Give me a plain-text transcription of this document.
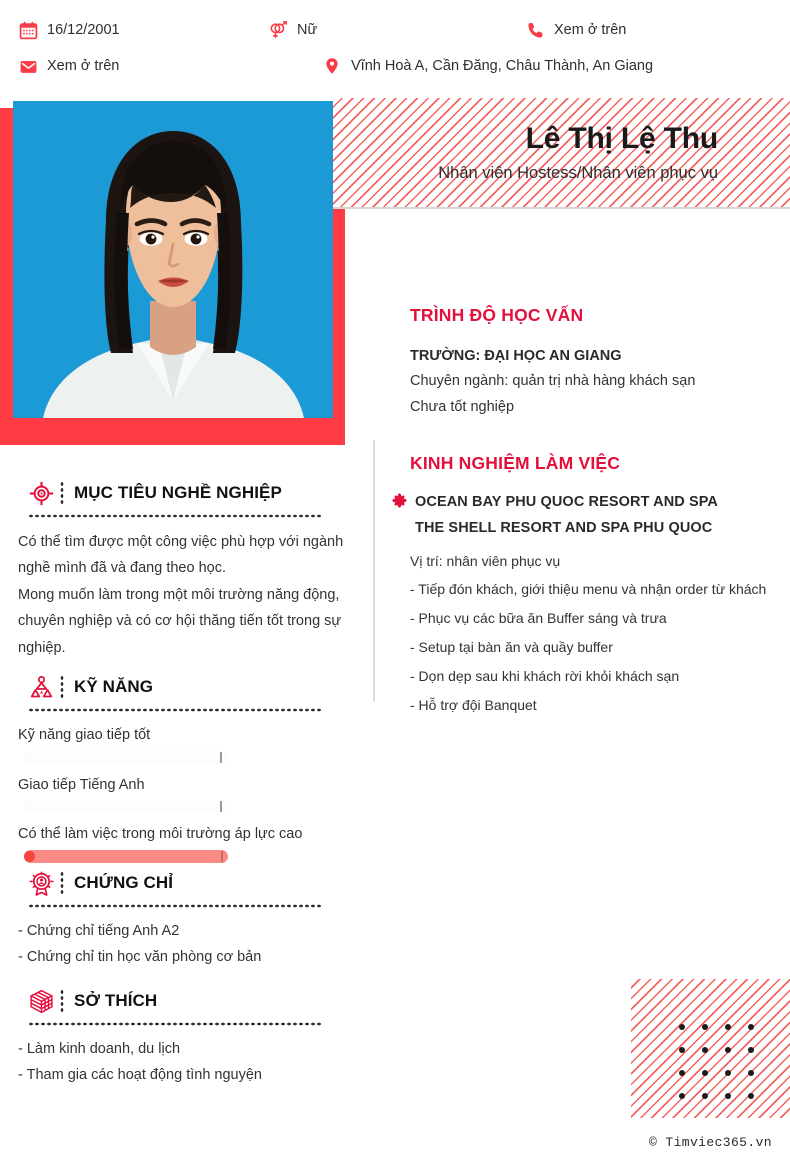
16/12/2001	Nữ	Xem ở trên
Xem ở trên	Vĩnh Hoà A, Cần Đăng, Châu Thành, An Giang
Lê Thị Lệ Thu
Nhân viên Hostess/Nhân viên phục vụ
TRÌNH ĐỘ HỌC VẤN
TRƯỜNG: ĐẠI HỌC AN GIANG
Chuyên ngành: quản trị nhà hàng khách sạn
Chưa tốt nghiệp
KINH NGHIỆM LÀM VIỆC
OCEAN BAY PHU QUOC RESORT AND SPA
THE SHELL RESORT AND SPA PHU QUOC
Vị trí: nhân viên phục vụ
- Tiếp đón khách, giới thiệu menu và nhận order từ khách
- Phục vụ các bữa ăn Buffer sáng và trưa
- Setup tại bàn ăn và quầy buffer
- Dọn dẹp sau khi khách rời khỏi khách sạn
- Hỗ trợ đội Banquet
MỤC TIÊU NGHỀ NGHIỆP

Có thể tìm được một công việc phù hợp với ngành nghề mình đã và đang theo học.

Mong muốn làm trong một môi trường năng động, chuyên nghiệp và có cơ hội thăng tiến tốt trong sự nghiệp.

KỸ NĂNG
Kỹ năng giao tiếp tốt
Giao tiếp Tiếng Anh
Có thể làm việc trong môi trường áp lực cao
CHỨNG CHỈ
- Chứng chỉ tiếng Anh A2
- Chứng chỉ tin học văn phòng cơ bản
SỞ THÍCH
- Làm kinh doanh, du lịch
- Tham gia các hoạt động tình nguyện
© Timviec365.vn
